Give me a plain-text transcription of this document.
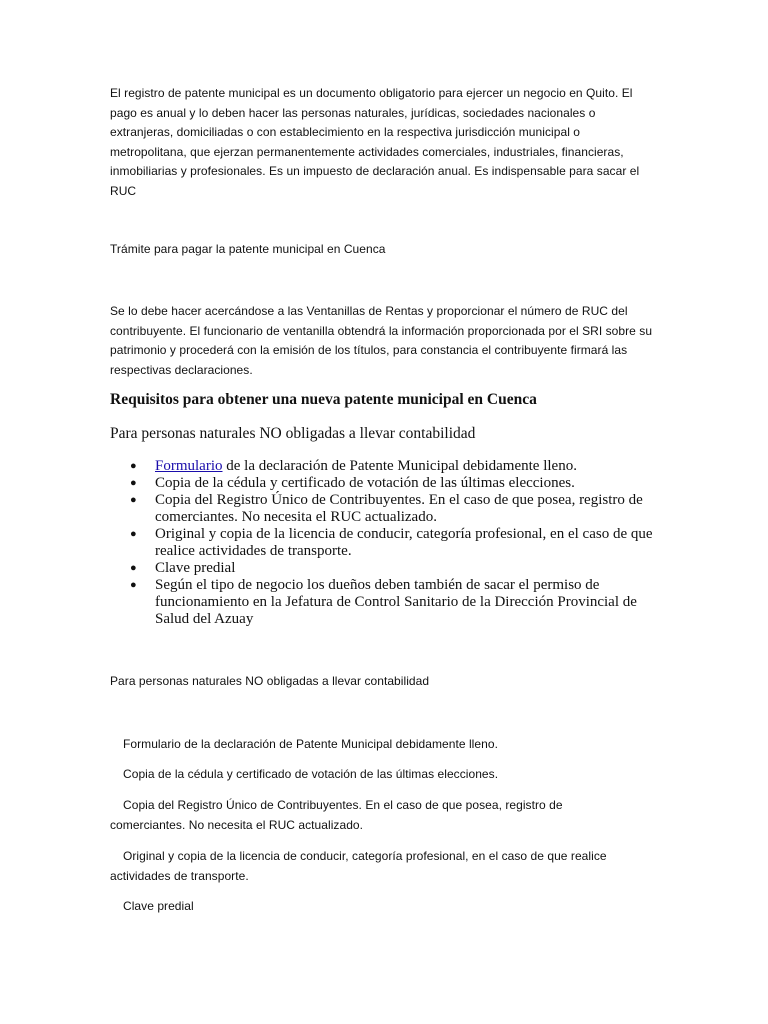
El registro de patente municipal es un documento obligatorio para ejercer un negocio en Quito. El pago es anual y lo deben hacer las personas naturales, jurídicas, sociedades nacionales o extranjeras, domiciliadas o con establecimiento en la respectiva jurisdicción municipal o metropolitana, que ejerzan permanentemente actividades comerciales, industriales, financieras, inmobiliarias y profesionales. Es un impuesto de declaración anual. Es indispensable para sacar el RUC

Trámite para pagar la patente municipal en Cuenca

Se lo debe hacer acercándose a las Ventanillas de Rentas y proporcionar el número de RUC del contribuyente. El funcionario de ventanilla obtendrá la información proporcionada por el SRI sobre su patrimonio y procederá con la emisión de los títulos, para constancia el contribuyente firmará las respectivas declaraciones.

Requisitos para obtener una nueva patente municipal en Cuenca

Para personas naturales NO obligadas a llevar contabilidad

● Formulario de la declaración de Patente Municipal debidamente lleno.
● Copia de la cédula y certificado de votación de las últimas elecciones.
● Copia del Registro Único de Contribuyentes. En el caso de que posea, registro de comerciantes. No necesita el RUC actualizado.
● Original y copia de la licencia de conducir, categoría profesional, en el caso de que realice actividades de transporte.
● Clave predial
● Según el tipo de negocio los dueños deben también de sacar el permiso de funcionamiento en la Jefatura de Control Sanitario de la Dirección Provincial de Salud del Azuay

Para personas naturales NO obligadas a llevar contabilidad

Formulario de la declaración de Patente Municipal debidamente lleno.

Copia de la cédula y certificado de votación de las últimas elecciones.

Copia del Registro Único de Contribuyentes. En el caso de que posea, registro de
comerciantes. No necesita el RUC actualizado.

Original y copia de la licencia de conducir, categoría profesional, en el caso de que realice
actividades de transporte.

Clave predial
